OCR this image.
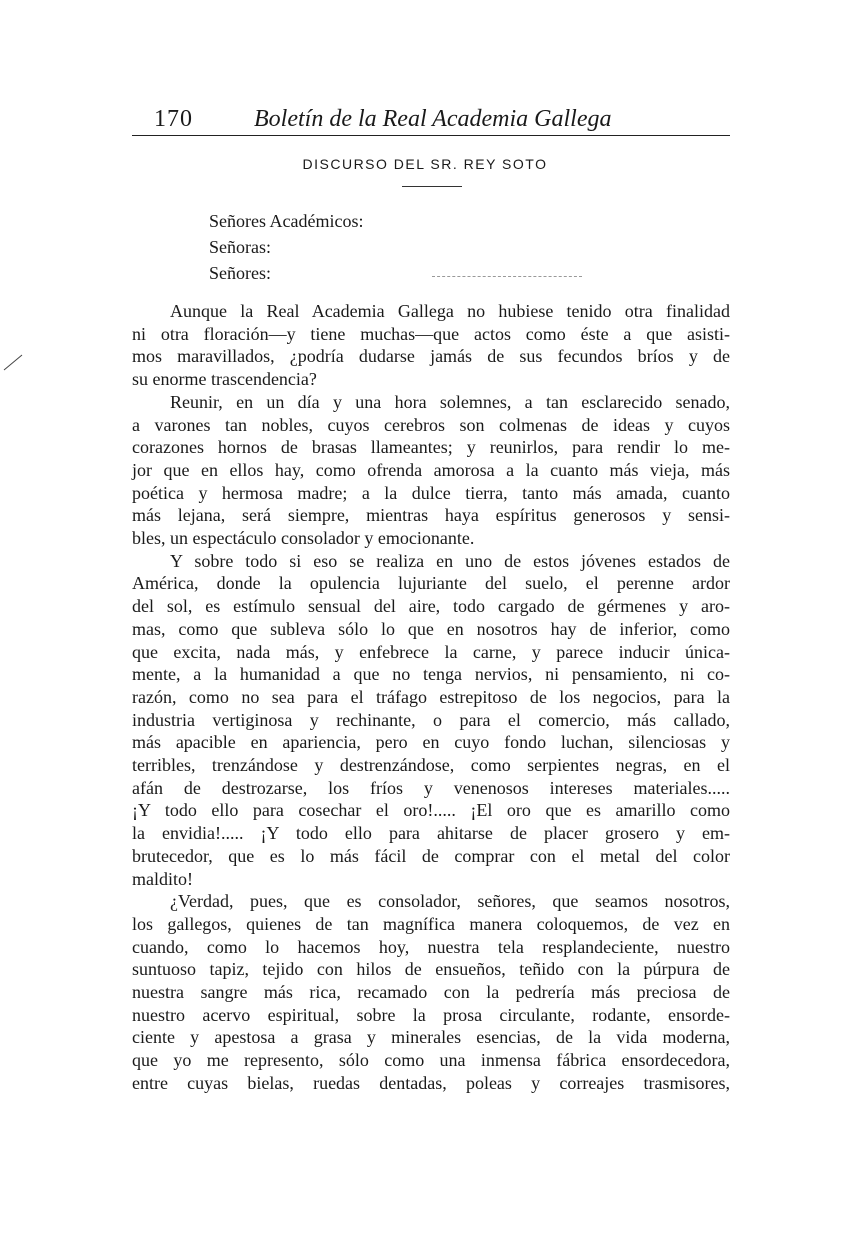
170	Boletín de la Real Academia Gallega
DISCURSO DEL SR. REY SOTO
Señores Académicos:
Señoras:
Señores:
Aunque la Real Academia Gallega no hubiese tenido otra finalidad
ni otra floración—y tiene muchas—que actos como éste a que asisti-
mos maravillados, ¿podría dudarse jamás de sus fecundos bríos y de
su enorme trascendencia?
Reunir, en un día y una hora solemnes, a tan esclarecido senado,
a varones tan nobles, cuyos cerebros son colmenas de ideas y cuyos
corazones hornos de brasas llameantes; y reunirlos, para rendir lo me-
jor que en ellos hay, como ofrenda amorosa a la cuanto más vieja, más
poética y hermosa madre; a la dulce tierra, tanto más amada, cuanto
más lejana, será siempre, mientras haya espíritus generosos y sensi-
bles, un espectáculo consolador y emocionante.
Y sobre todo si eso se realiza en uno de estos jóvenes estados de
América, donde la opulencia lujuriante del suelo, el perenne ardor
del sol, es estímulo sensual del aire, todo cargado de gérmenes y aro-
mas, como que subleva sólo lo que en nosotros hay de inferior, como
que excita, nada más, y enfebrece la carne, y parece inducir única-
mente, a la humanidad a que no tenga nervios, ni pensamiento, ni co-
razón, como no sea para el tráfago estrepitoso de los negocios, para la
industria vertiginosa y rechinante, o para el comercio, más callado,
más apacible en apariencia, pero en cuyo fondo luchan, silenciosas y
terribles, trenzándose y destrenzándose, como serpientes negras, en el
afán de destrozarse, los fríos y venenosos intereses materiales.....
¡Y todo ello para cosechar el oro!..... ¡El oro que es amarillo como
la envidia!..... ¡Y todo ello para ahitarse de placer grosero y em-
brutecedor, que es lo más fácil de comprar con el metal del color
maldito!
¿Verdad, pues, que es consolador, señores, que seamos nosotros,
los gallegos, quienes de tan magnífica manera coloquemos, de vez en
cuando, como lo hacemos hoy, nuestra tela resplandeciente, nuestro
suntuoso tapiz, tejido con hilos de ensueños, teñido con la púrpura de
nuestra sangre más rica, recamado con la pedrería más preciosa de
nuestro acervo espiritual, sobre la prosa circulante, rodante, ensorde-
ciente y apestosa a grasa y minerales esencias, de la vida moderna,
que yo me represento, sólo como una inmensa fábrica ensordecedora,
entre cuyas bielas, ruedas dentadas, poleas y correajes trasmisores,
